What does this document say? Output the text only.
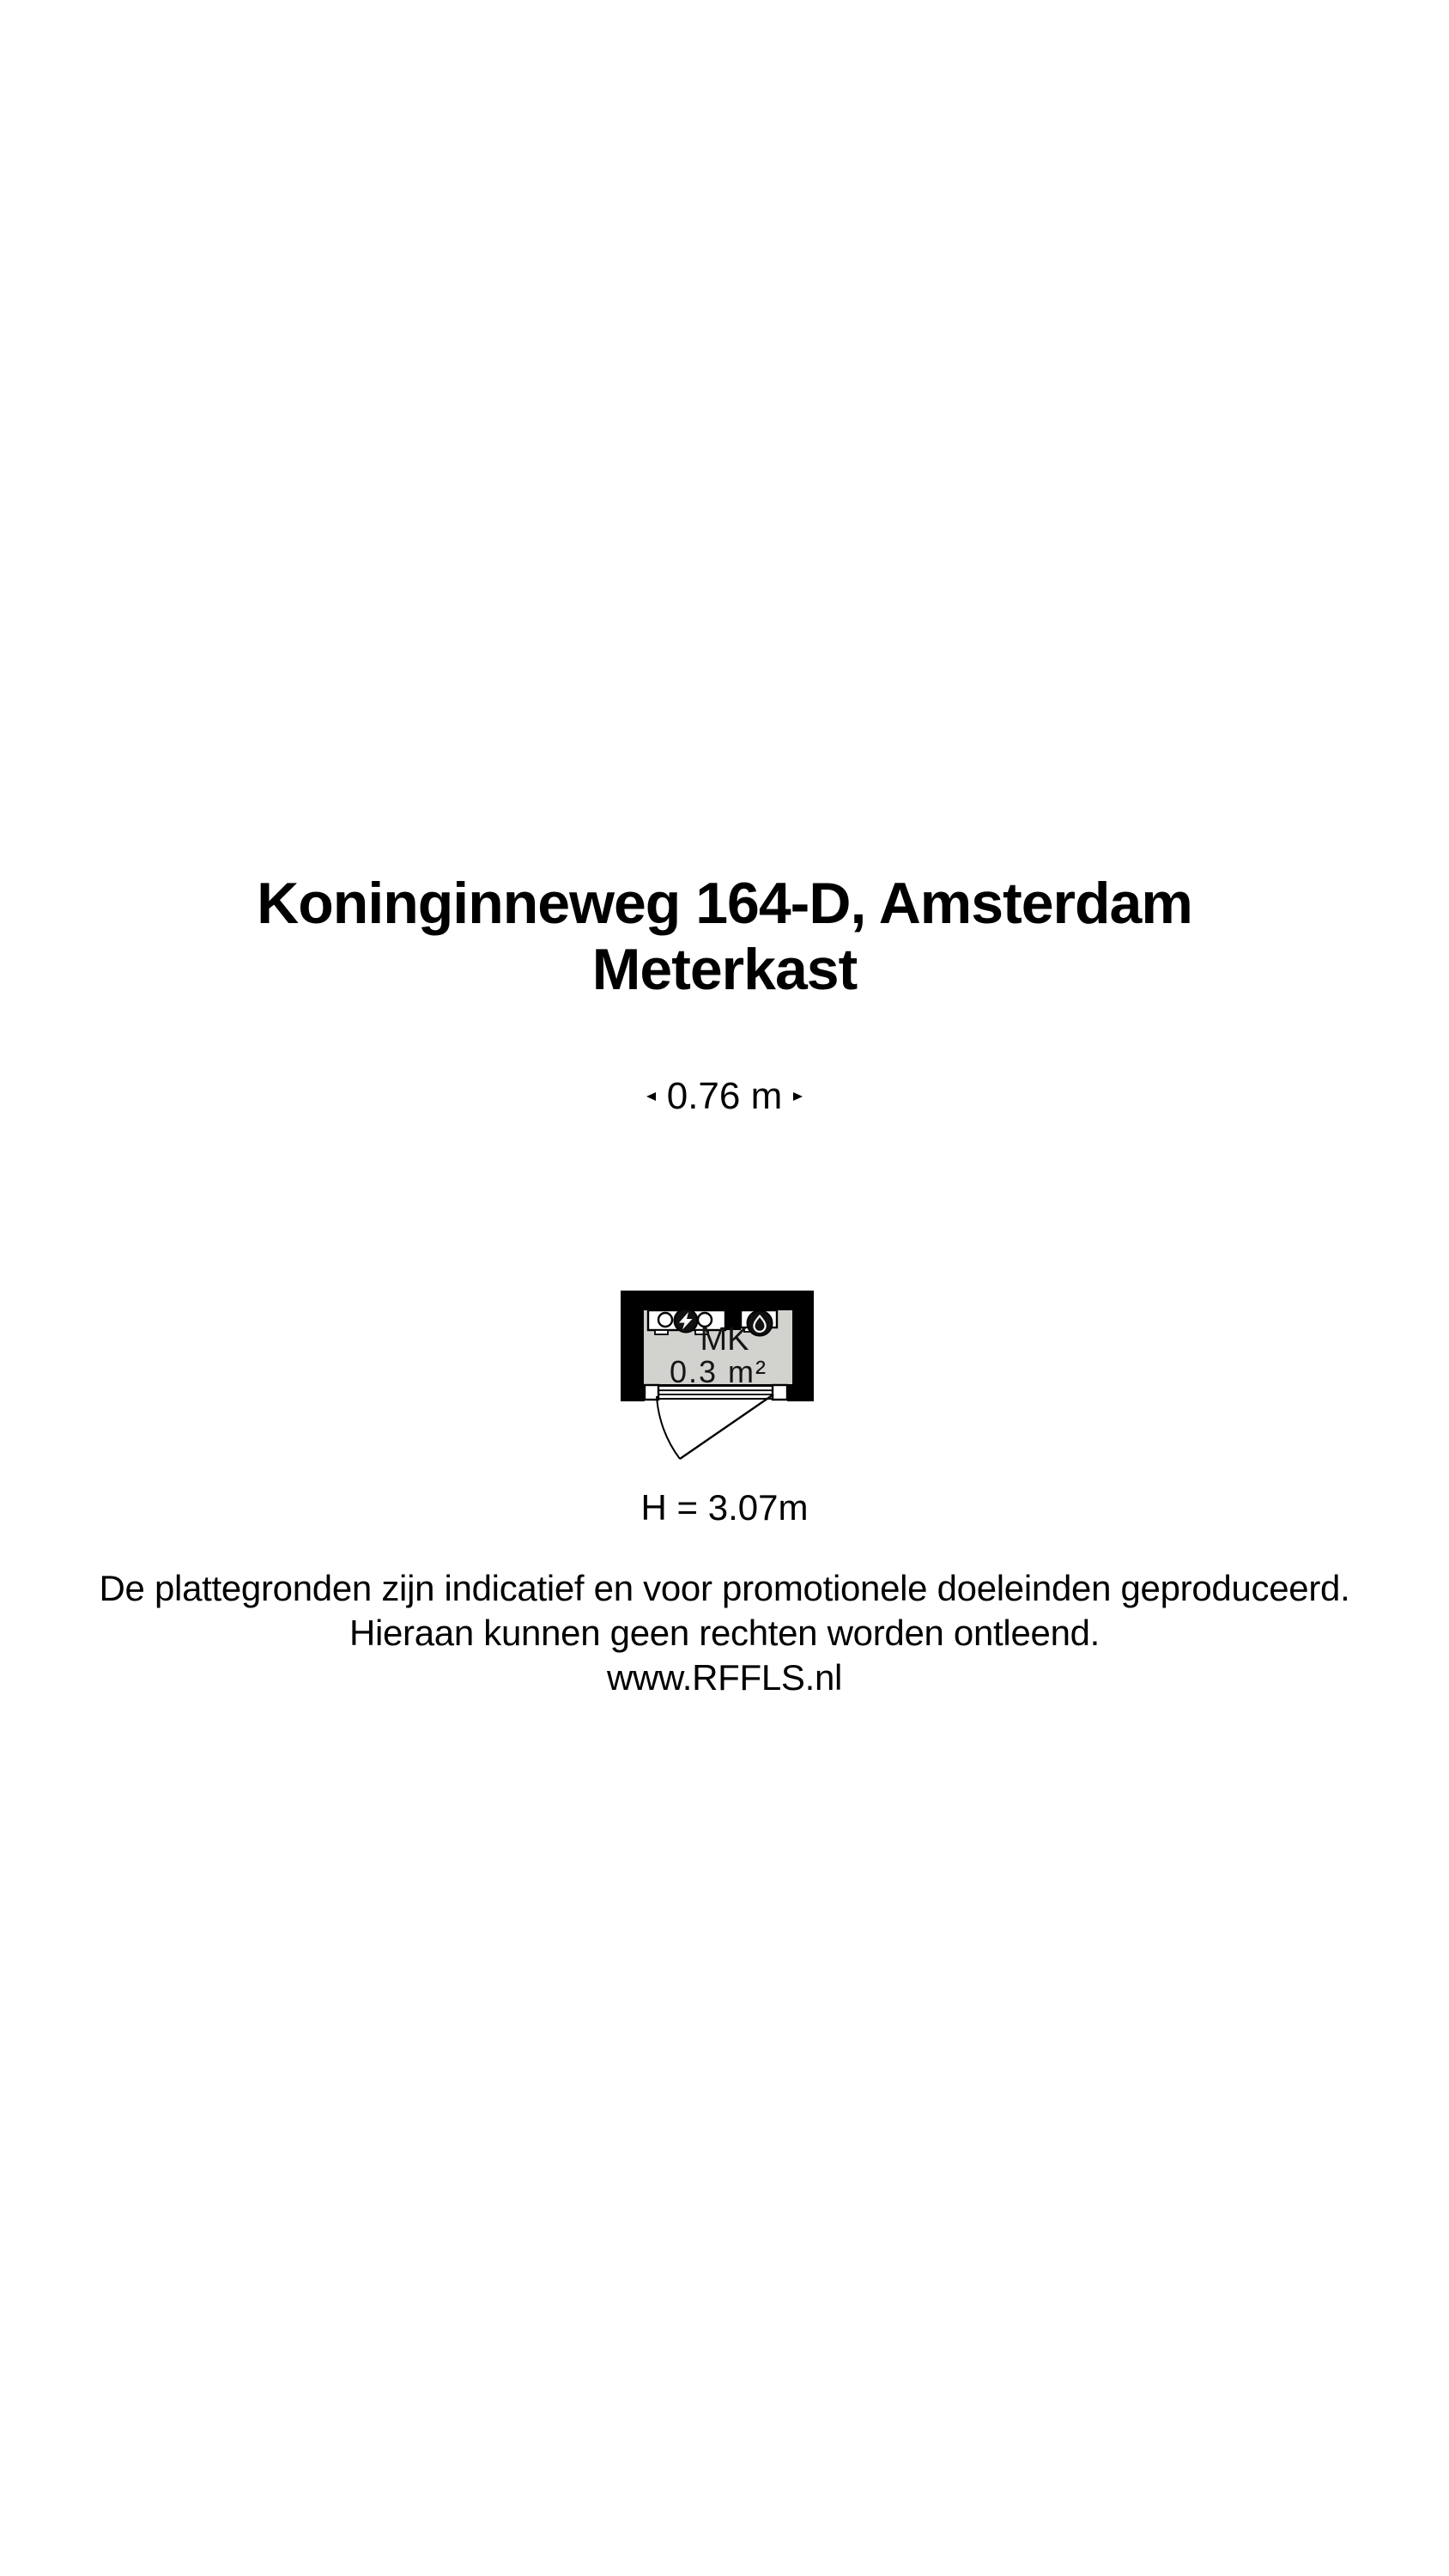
Koninginneweg 164-D, Amsterdam
Meterkast
0.76 m
MK
0.3 m²
H = 3.07m
De plattegronden zijn indicatief en voor promotionele doeleinden geproduceerd.
Hieraan kunnen geen rechten worden ontleend.
www.RFFLS.nl
